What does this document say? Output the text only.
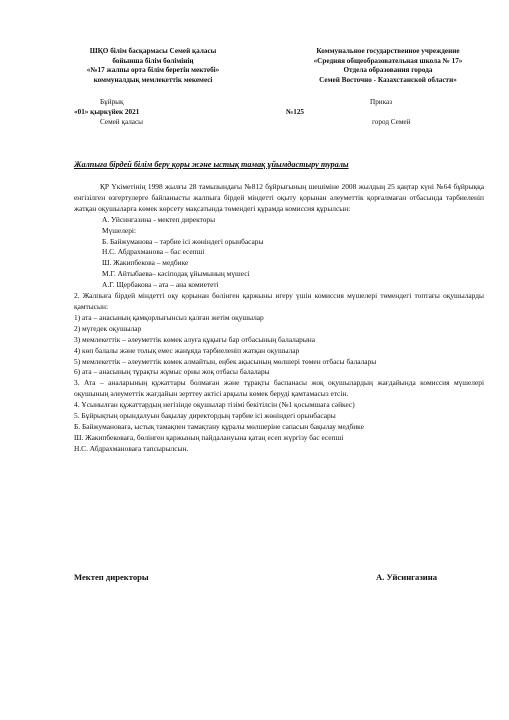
ШҚО білім басқармасы Семей қаласы
бойынша білім бөлімінің
«№17 жалпы орта білім беретін мектебі»
коммуналдық мемлекеттік мекемесі
Коммунальное государственное учреждение
«Средняя общеобразовательная школа № 17»
Отдела образования города
Семей Восточно - Казахстанской области»
Бұйрық	Приказ
«01» қыркүйек 2021	№125
Семей қаласы	город Семей
Жалпыға бірдей білім беру қоры және ыстық тамақ ұйымдастыру туралы

ҚР Үкіметінің 1998 жылғы 28 тамызындағы №812 бұйрығының шешіміне 2008 жылдың 25 қаңтар күні №64 бұйрыққа енгізілген өзгертулерге байланысты жалпыға бірдей міндетті оқыту қорынан әлеуметтік қорғалмаған отбасында тәрбиеленіп жатқан оқушыларға көмек көрсету мақсатында төмендегі құрамда комиссия құрылсын:

А. Уйсингазина - мектеп директоры

Мүшелері:

Б. Байжуманова – тәрбие ісі жөніндегі орынбасары

Н.С. Абдрахманова – бас есепші

Ш. Жакипбекова – медбике

М.Г. Айтыбаева– кәсіподақ ұйымының мүшесі

А.Г. Щербакова – ата – ана комиететі

2. Жалпыға бірдей міндетті оқу қорынан бөлінген қаржыны игеру үшін комиссия мүшелері төмендегі топтағы оқушыларды қамтысын:

1) ата – анасының қамқорлығынсыз қалған жетім оқушылар

2) мүгедек оқушылар

3) мемлекеттік – әлеуметтік көмек алуға құқығы бар отбасының балаларына

4) көп балалы және толық емес жанұяда тәрбиеленіп жатқан оқушылар

5) мемлекеттік – әлеуметтік көмек алмайтын, еңбек ақысының мөлшері төмен отбасы балалары

6) ата – анасының тұрақты жұмыс орны жоқ отбасы балалары

3. Ата – аналарының құжаттары болмаған және тұрақты баспанасы жоқ оқушылардың жағдайында комиссия мүшелері оқушының әлеуметтік жағдайын зерттеу актісі арқылы көмек беруді қамтамасыз етсін.

4. Ұсынылған құжаттардың негізінде оқушылар тізімі бекітілсін (№1 қосымшаға сәйкес)

5. Бұйрықтың орындалуын бақылау директордың тәрбие ісі жөніндегі орынбасары

Б. Байжумановаға, ыстық тамақпен тамақтану құралы мөлшеріне сапасын бақылау медбике

Ш. Жакипбековаға, бөлінген қаржының пайдалануына қатаң есеп жүргізу бас есепші

Н.С. Абдрахмановаға тапсырылсын.

Мектеп директоры	А. Уйсингазина
